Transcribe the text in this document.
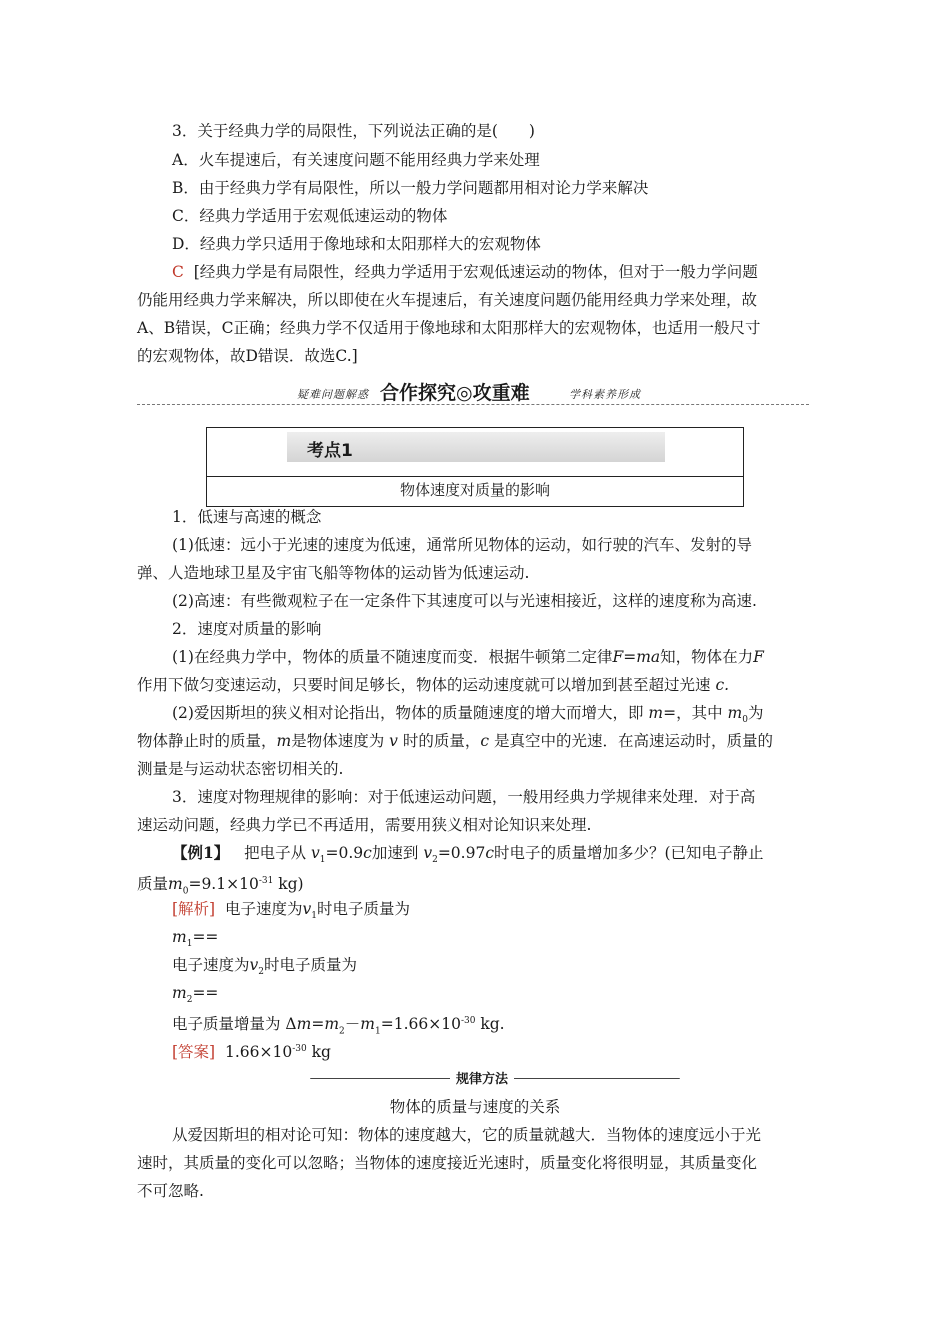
3．关于经典力学的局限性，下列说法正确的是(　　)
A．火车提速后，有关速度问题不能用经典力学来处理
B．由于经典力学有局限性，所以一般力学问题都用相对论力学来解决
C．经典力学适用于宏观低速运动的物体
D．经典力学只适用于像地球和太阳那样大的宏观物体
C [经典力学是有局限性，经典力学适用于宏观低速运动的物体，但对于一般力学问题
仍能用经典力学来解决，所以即使在火车提速后，有关速度问题仍能用经典力学来处理，故
A、B错误，C正确；经典力学不仅适用于像地球和太阳那样大的宏观物体，也适用一般尺寸
的宏观物体，故D错误．故选C.]
疑难问题解惑 合作探究◎攻重难	学科素养形成
考点1
物体速度对质量的影响
1．低速与高速的概念
(1)低速：远小于光速的速度为低速，通常所见物体的运动，如行驶的汽车、发射的导
弹、人造地球卫星及宇宙飞船等物体的运动皆为低速运动.
(2)高速：有些微观粒子在一定条件下其速度可以与光速相接近，这样的速度称为高速.
2．速度对质量的影响
(1)在经典力学中，物体的质量不随速度而变．根据牛顿第二定律F=ma知，物体在力F
作用下做匀变速运动，只要时间足够长，物体的运动速度就可以增加到甚至超过光速 c.
(2)爱因斯坦的狭义相对论指出，物体的质量随速度的增大而增大，即 m=，其中 $m_0$为
物体静止时的质量，m是物体速度为 v 时的质量，c 是真空中的光速．在高速运动时，质量的
测量是与运动状态密切相关的.
3．速度对物理规律的影响：对于低速运动问题，一般用经典力学规律来处理．对于高
速运动问题，经典力学已不再适用，需要用狭义相对论知识来处理.
【例1】 把电子从 $v_1=0.9c$加速到 $v_2=0.97c$时电子的质量增加多少？(已知电子静止
质量$m_0=9.1\times 10^{-31}$ kg)
[解析] 电子速度为$v_1$时电子质量为
$m_1==$
电子速度为$v_2$时电子质量为
$m_2==$
电子质量增量为 $\Delta m=m_2-m_1=1.66\times 10^{-30}$ kg.
[答案] $1.66\times 10^{-30}$ kg
规律方法
物体的质量与速度的关系
从爱因斯坦的相对论可知：物体的速度越大，它的质量就越大．当物体的速度远小于光
速时，其质量的变化可以忽略；当物体的速度接近光速时，质量变化将很明显，其质量变化
不可忽略.
